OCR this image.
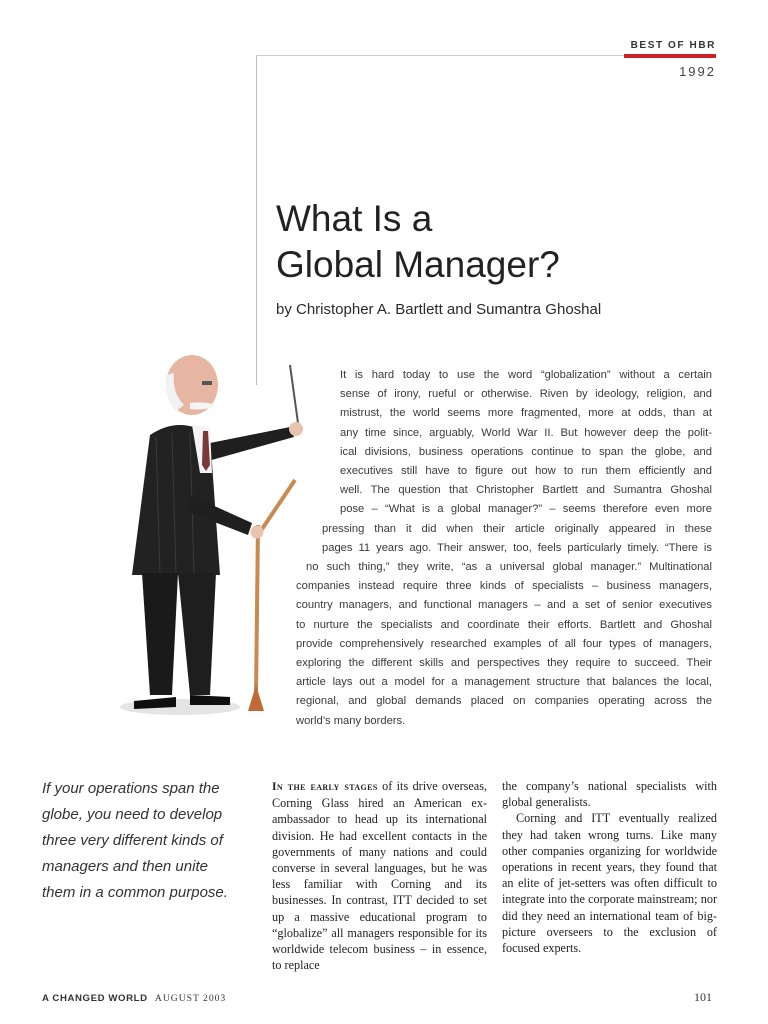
BEST OF HBR
1992
What Is a
Global Manager?
by Christopher A. Bartlett and Sumantra Ghoshal

It is hard today to use the word “globalization” without a certain
sense of irony, rueful or otherwise. Riven by ideology, religion, and
mistrust, the world seems more fragmented, more at odds, than at
any time since, arguably, World War II. But however deep the polit-
ical divisions, business operations continue to span the globe, and
executives still have to figure out how to run them efficiently and
well. The question that Christopher Bartlett and Sumantra Ghoshal
pose – “What is a global manager?” – seems therefore even more
pressing than it did when their article originally appeared in these
pages 11 years ago. Their answer, too, feels particularly timely. “There is
no such thing,” they write, “as a universal global manager.” Multinational
companies instead require three kinds of specialists – business managers,
country managers, and functional managers – and a set of senior executives
to nurture the specialists and coordinate their efforts. Bartlett and Ghoshal
provide comprehensively researched examples of all four types of managers,
exploring the different skills and perspectives they require to succeed. Their
article lays out a model for a management structure that balances the local,
regional, and global demands placed on companies operating across the
world’s many borders.

If your operations span the globe, you need to develop three very different kinds of managers and then unite them in a common purpose.

In the early stages of its drive overseas, Corning Glass hired an American ex-ambassador to head up its international division. He had excellent contacts in the governments of many nations and could converse in several languages, but he was less familiar with Corning and its businesses. In contrast, ITT decided to set up a massive educational program to “globalize” all managers responsible for its worldwide telecom business – in essence, to replace

the company’s national specialists with global generalists.

Corning and ITT eventually realized they had taken wrong turns. Like many other companies organizing for worldwide operations in recent years, they found that an elite of jet-setters was often difficult to integrate into the corporate mainstream; nor did they need an international team of big-picture overseers to the exclusion of focused experts.

A CHANGED WORLD AUGUST 2003	101
